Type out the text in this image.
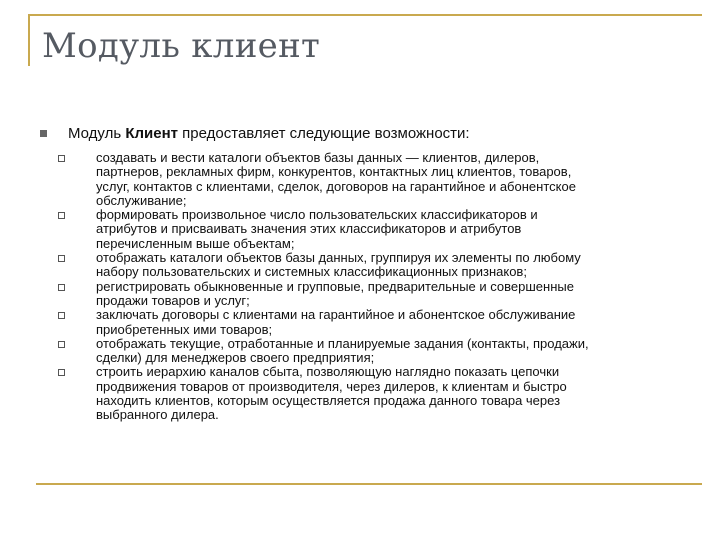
Модуль клиент
Модуль Клиент предоставляет следующие возможности:

создавать и вести каталоги объектов базы данных — клиентов, дилеров,
партнеров, рекламных фирм, конкурентов, контактных лиц клиентов, товаров,
услуг, контактов с клиентами, сделок, договоров на гарантийное и абонентское
обслуживание;

формировать произвольное число пользовательских классификаторов и
атрибутов и присваивать значения этих классификаторов и атрибутов
перечисленным выше объектам;

отображать каталоги объектов базы данных, группируя их элементы по любому
набору пользовательских и системных классификационных признаков;

регистрировать обыкновенные и групповые, предварительные и совершенные
продажи товаров и услуг;

заключать договоры с клиентами на гарантийное и абонентское обслуживание
приобретенных ими товаров;

отображать текущие, отработанные и планируемые задания (контакты, продажи,
сделки) для менеджеров своего предприятия;

строить иерархию каналов сбыта, позволяющую наглядно показать цепочки
продвижения товаров от производителя, через дилеров, к клиентам и быстро
находить клиентов, которым осуществляется продажа данного товара через
выбранного дилера.
